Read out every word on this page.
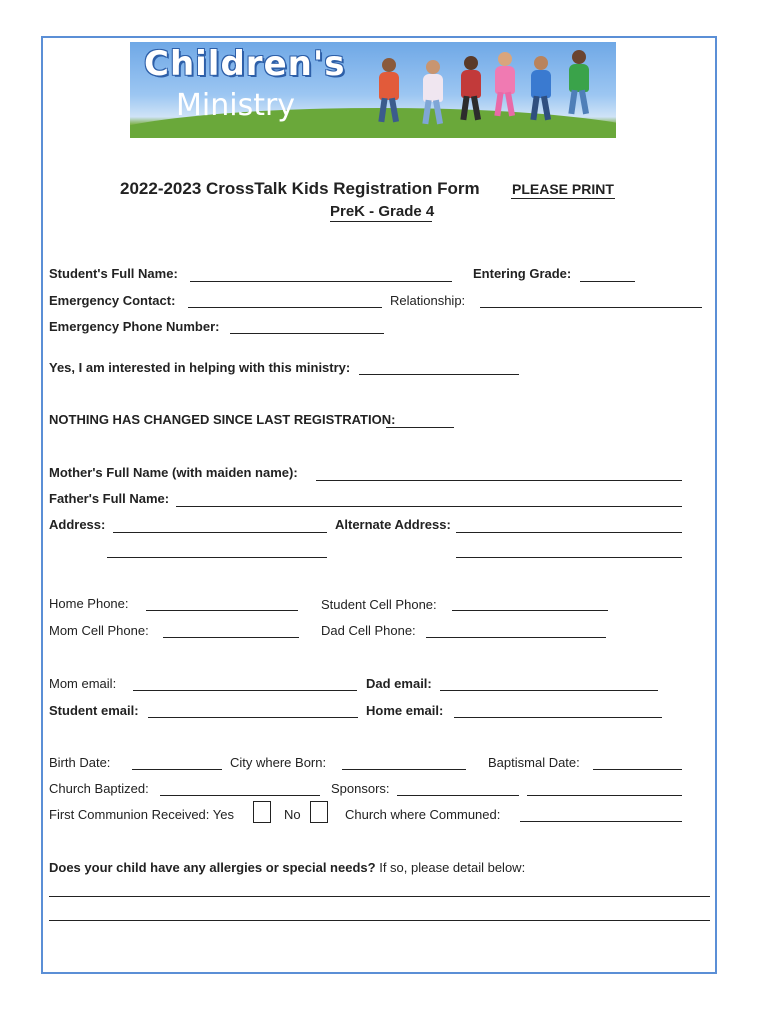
Children's
Ministry
2022-2023 CrossTalk Kids Registration Form PLEASE PRINT
PreK - Grade 4
Student's Full Name:	Entering Grade:
Emergency Contact:	Relationship:
Emergency Phone Number:
Yes, I am interested in helping with this ministry:
NOTHING HAS CHANGED SINCE LAST REGISTRATION:
Mother's Full Name (with maiden name):
Father's Full Name:
Address:	Alternate Address:
Home Phone:	Student Cell Phone:
Mom Cell Phone:	Dad Cell Phone:
Mom email:	Dad email:
Student email:	Home email:
Birth Date:	City where Born:	Baptismal Date:
Church Baptized:	Sponsors:
First Communion Received: Yes	No	Church where Communed:
Does your child have any allergies or special needs? If so, please detail below:
